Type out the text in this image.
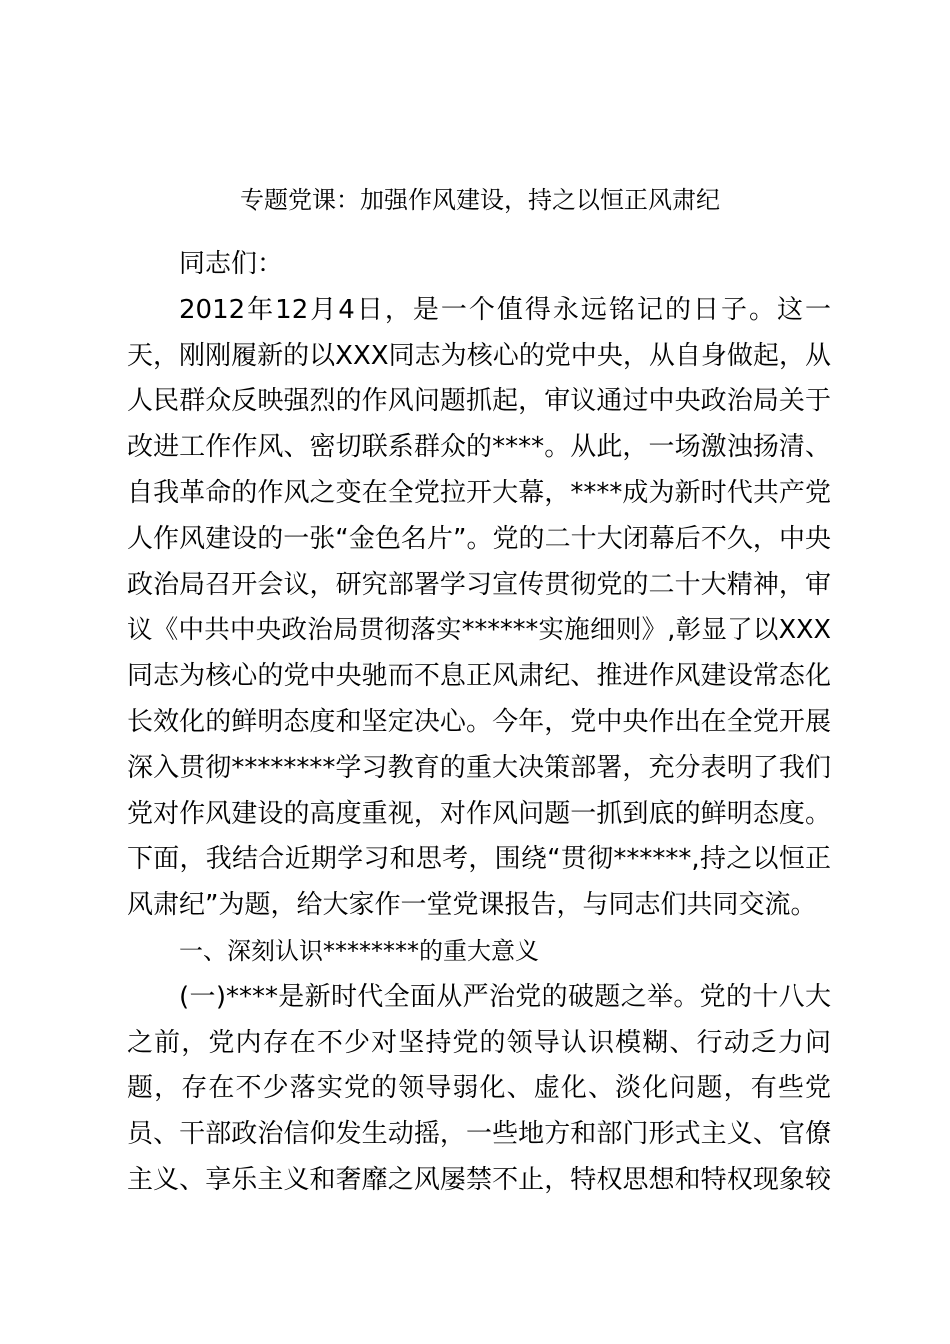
专题党课：加强作风建设，持之以恒正风肃纪
同志们：
2012年12月4日，是一个值得永远铭记的日子。这一
天，刚刚履新的以XXX同志为核心的党中央，从自身做起，从
人民群众反映强烈的作风问题抓起，审议通过中央政治局关于
改进工作作风、密切联系群众的****。从此，一场激浊扬清、
自我革命的作风之变在全党拉开大幕，****成为新时代共产党
人作风建设的一张“金色名片”。党的二十大闭幕后不久，中央
政治局召开会议，研究部署学习宣传贯彻党的二十大精神，审
议《中共中央政治局贯彻落实******实施细则》,彰显了以XXX
同志为核心的党中央驰而不息正风肃纪、推进作风建设常态化
长效化的鲜明态度和坚定决心。今年，党中央作出在全党开展
深入贯彻********学习教育的重大决策部署，充分表明了我们
党对作风建设的高度重视，对作风问题一抓到底的鲜明态度。
下面，我结合近期学习和思考，围绕“贯彻******,持之以恒正
风肃纪”为题，给大家作一堂党课报告，与同志们共同交流。
一、深刻认识********的重大意义
(一)****是新时代全面从严治党的破题之举。党的十八大
之前，党内存在不少对坚持党的领导认识模糊、行动乏力问
题，存在不少落实党的领导弱化、虚化、淡化问题，有些党
员、干部政治信仰发生动摇，一些地方和部门形式主义、官僚
主义、享乐主义和奢靡之风屡禁不止，特权思想和特权现象较
